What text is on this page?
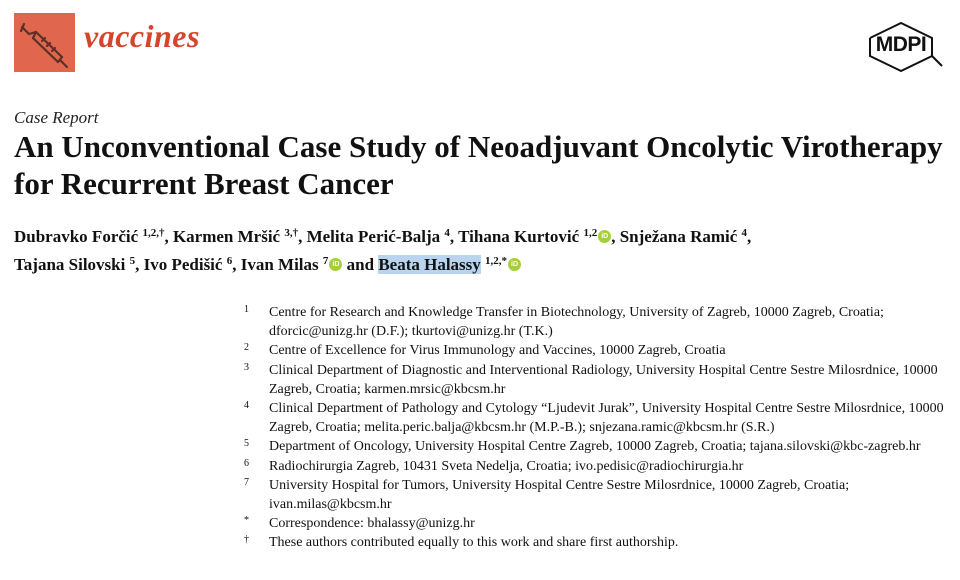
vaccines	MDPI
Case Report
An Unconventional Case Study of Neoadjuvant Oncolytic Virotherapy for Recurrent Breast Cancer
Dubravko Forčić $^{1,2,\dagger}$, Karmen Mršić $^{3,\dagger}$, Melita Perić-Balja $^4$, Tihana Kurtović $^{1,2}$ iD , Snježana Ramić $^4$,
Tajana Silovski $^5$, Ivo Pedišić $^6$, Ivan Milas $^7$ iD and Beata Halassy $^{1,2,*}$ iD
1 Centre for Research and Knowledge Transfer in Biotechnology, University of Zagreb, 10000 Zagreb, Croatia; dforcic@unizg.hr (D.F.); tkurtovi@unizg.hr (T.K.)
2 Centre of Excellence for Virus Immunology and Vaccines, 10000 Zagreb, Croatia
3 Clinical Department of Diagnostic and Interventional Radiology, University Hospital Centre Sestre Milosrdnice, 10000 Zagreb, Croatia; karmen.mrsic@kbcsm.hr
4 Clinical Department of Pathology and Cytology “Ljudevit Jurak”, University Hospital Centre Sestre Milosrdnice, 10000 Zagreb, Croatia; melita.peric.balja@kbcsm.hr (M.P.-B.); snjezana.ramic@kbcsm.hr (S.R.)
5 Department of Oncology, University Hospital Centre Zagreb, 10000 Zagreb, Croatia; tajana.silovski@kbc-zagreb.hr
6 Radiochirurgia Zagreb, 10431 Sveta Nedelja, Croatia; ivo.pedisic@radiochirurgia.hr
7 University Hospital for Tumors, University Hospital Centre Sestre Milosrdnice, 10000 Zagreb, Croatia; ivan.milas@kbcsm.hr
* Correspondence: bhalassy@unizg.hr
† These authors contributed equally to this work and share first authorship.
